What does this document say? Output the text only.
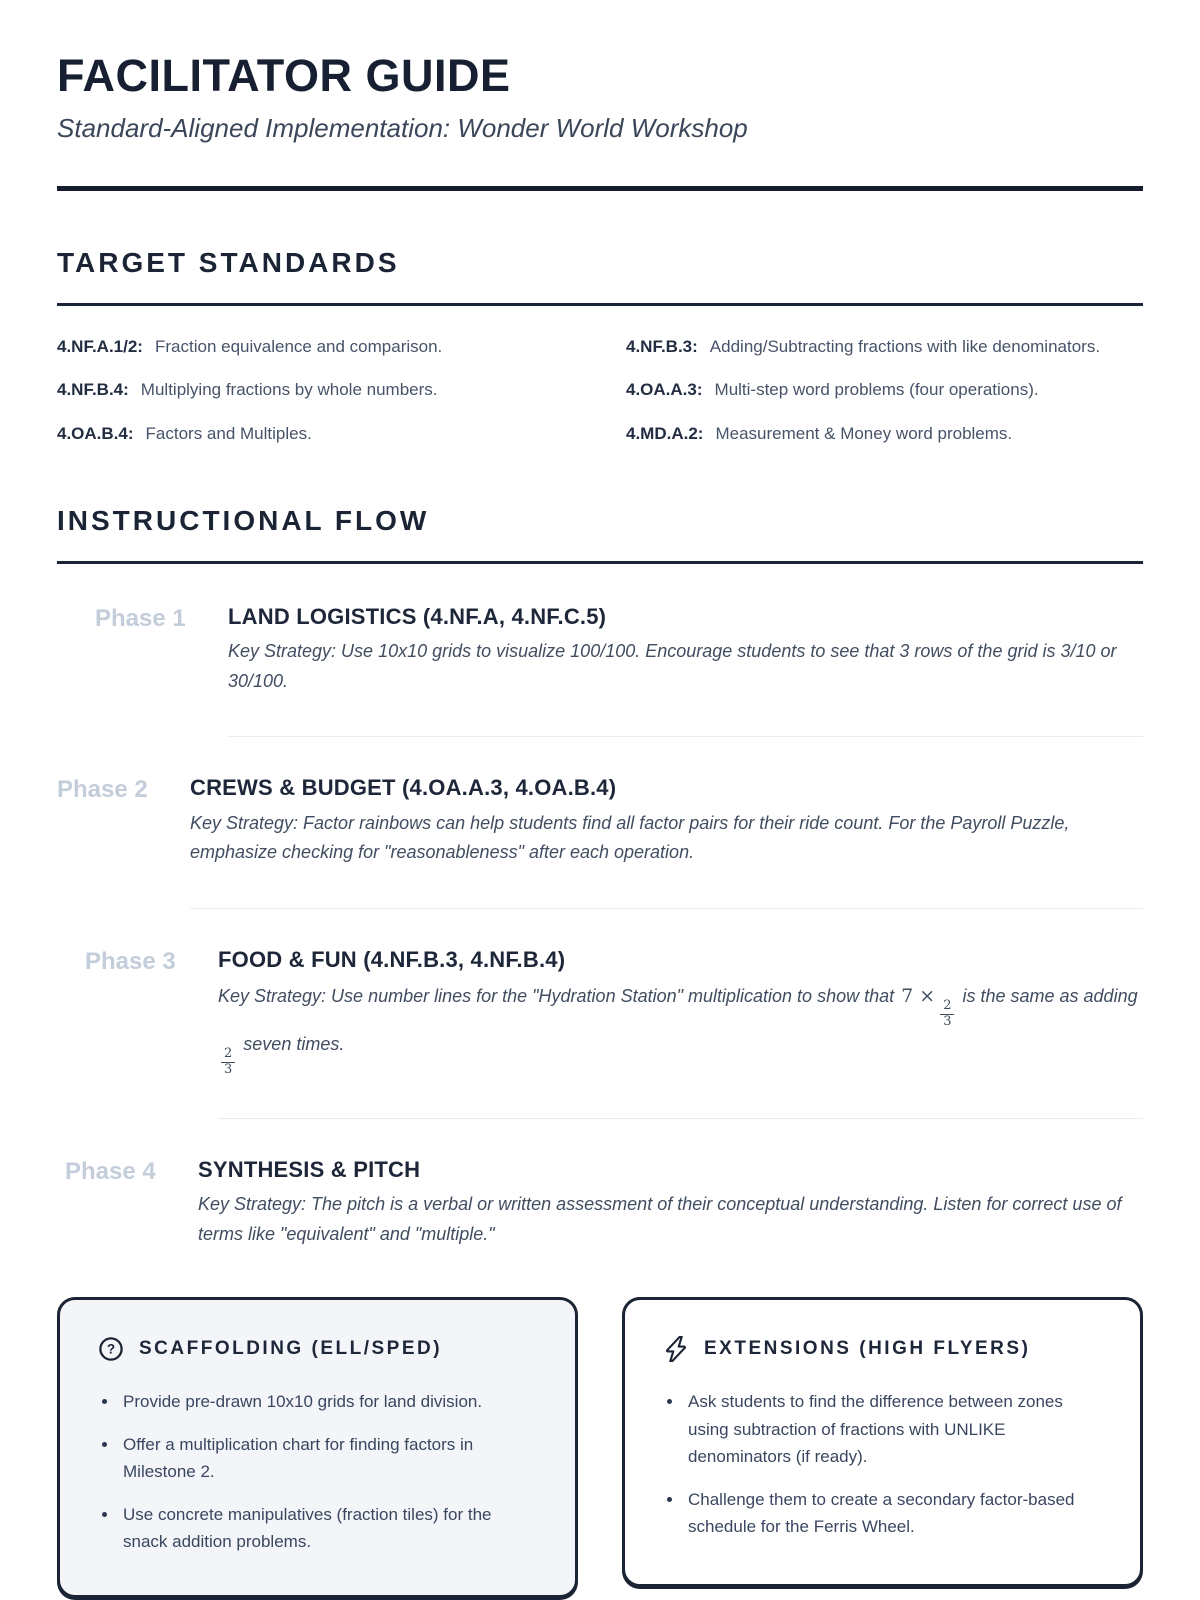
FACILITATOR GUIDE

Standard-Aligned Implementation: Wonder World Workshop

TARGET STANDARDS
4.NF.A.1/2: Fraction equivalence and comparison.	4.NF.B.3: Adding/Subtracting fractions with like denominators.
4.NF.B.4: Multiplying fractions by whole numbers.	4.OA.A.3: Multi-step word problems (four operations).
4.OA.B.4: Factors and Multiples.	4.MD.A.2: Measurement & Money word problems.
INSTRUCTIONAL FLOW
Phase 1	LAND LOGISTICS (4.NF.A, 4.NF.C.5)

Key Strategy: Use 10x10 grids to visualize 100/100. Encourage students to see that 3 rows of the grid is 3/10 or 30/100.

Phase 2	CREWS & BUDGET (4.OA.A.3, 4.OA.B.4)

Key Strategy: Factor rainbows can help students find all factor pairs for their ride count. For the Payroll Puzzle, emphasize checking for "reasonableness" after each operation.

Phase 3	FOOD & FUN (4.NF.B.3, 4.NF.B.4)

Key Strategy: Use number lines for the "Hydration Station" multiplication to show that 7 ×
$\frac{2}{3}$
is the same as adding
$\frac{2}{3}$
seven times.

Phase 4	SYNTHESIS & PITCH

Key Strategy: The pitch is a verbal or written assessment of their conceptual understanding. Listen for correct use of terms like "equivalent" and "multiple."

? SCAFFOLDING (ELL/SPED)
Provide pre-drawn 10x10 grids for land division.
Offer a multiplication chart for finding factors in Milestone 2.
Use concrete manipulatives (fraction tiles) for the snack addition problems.
EXTENSIONS (HIGH FLYERS)
Ask students to find the difference between zones using subtraction of fractions with UNLIKE denominators (if ready).
Challenge them to create a secondary factor-based schedule for the Ferris Wheel.
